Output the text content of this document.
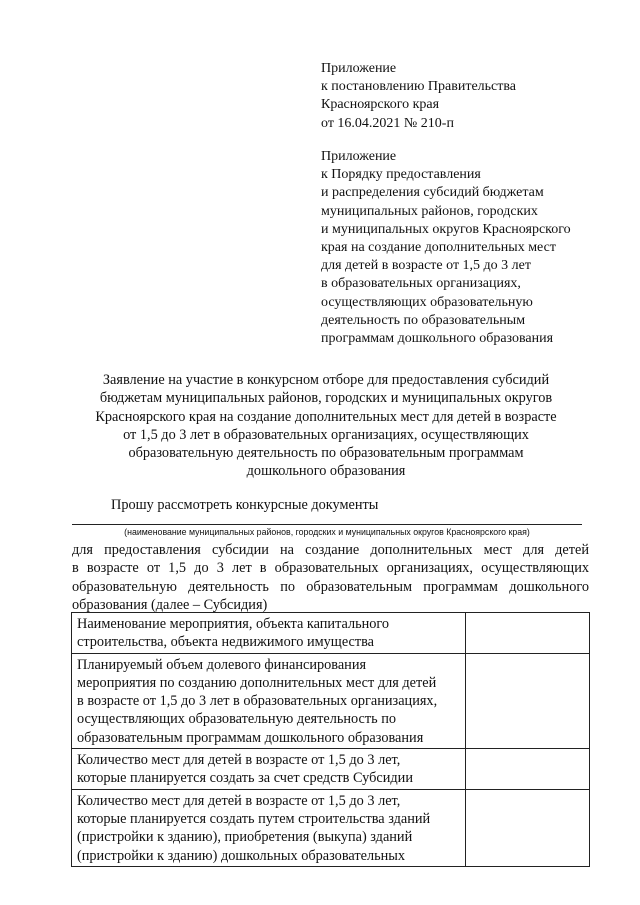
Приложение
к постановлению Правительства
Красноярского края
от 16.04.2021 № 210-п
Приложение
к Порядку предоставления
и распределения субсидий бюджетам
муниципальных районов, городских
и муниципальных округов Красноярского
края на создание дополнительных мест
для детей в возрасте от 1,5 до 3 лет
в образовательных организациях,
осуществляющих образовательную
деятельность по образовательным
программам дошкольного образования
Заявление на участие в конкурсном отборе для предоставления субсидий
бюджетам муниципальных районов, городских и муниципальных округов
Красноярского края на создание дополнительных мест для детей в возрасте
от 1,5 до 3 лет в образовательных организациях, осуществляющих
образовательную деятельность по образовательным программам
дошкольного образования
Прошу рассмотреть конкурсные документы
(наименование муниципальных районов, городских и муниципальных округов Красноярского края)
для предоставления субсидии на создание дополнительных мест для детей
в возрасте от 1,5 до 3 лет в образовательных организациях, осуществляющих
образовательную деятельность по образовательным программам дошкольного
образования (далее – Субсидия)
Наименование мероприятия, объекта капитального
строительства, объекта недвижимого имущества	

Планируемый объем долевого финансирования
мероприятия по созданию дополнительных мест для детей
в возрасте от 1,5 до 3 лет в образовательных организациях,
осуществляющих образовательную деятельность по
образовательным программам дошкольного образования	

Количество мест для детей в возрасте от 1,5 до 3 лет,
которые планируется создать за счет средств Субсидии	

Количество мест для детей в возрасте от 1,5 до 3 лет,
которые планируется создать путем строительства зданий
(пристройки к зданию), приобретения (выкупа) зданий
(пристройки к зданию) дошкольных образовательных	
